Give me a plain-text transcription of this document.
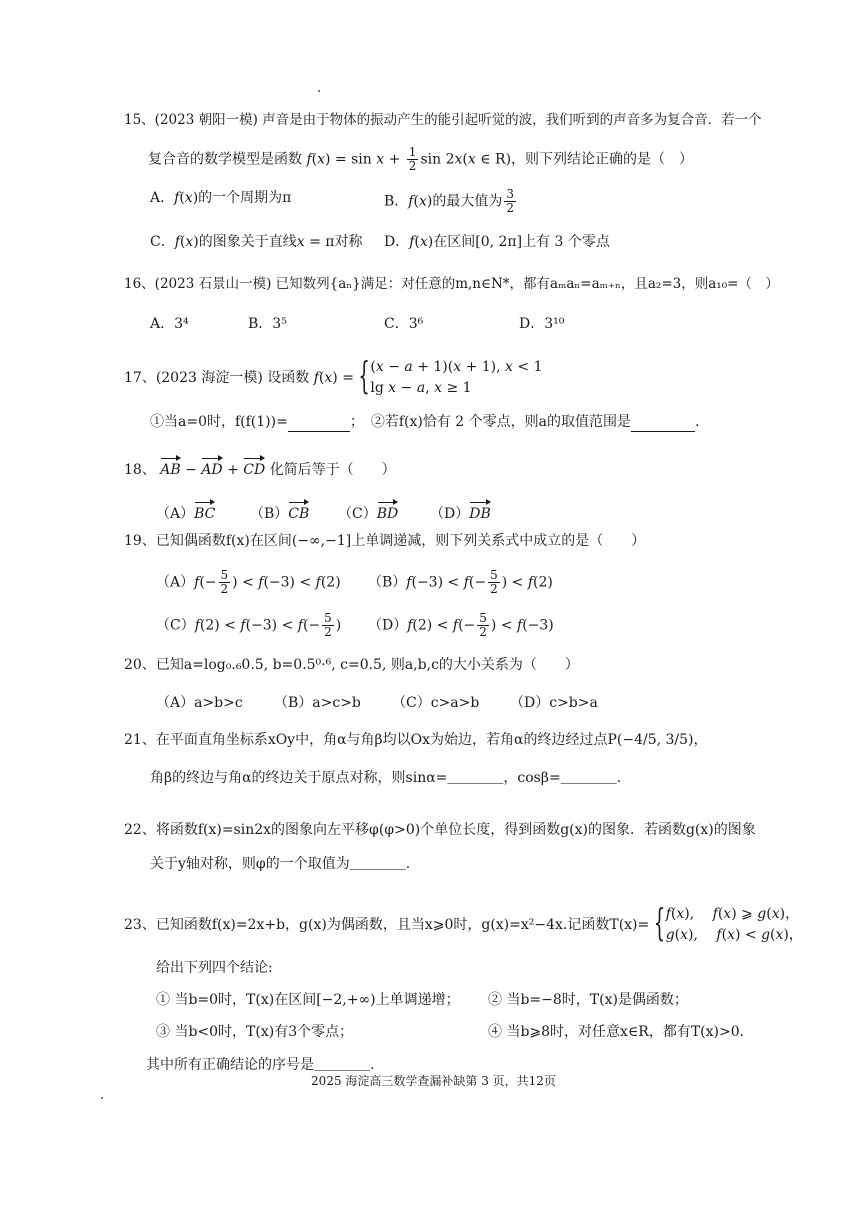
15、(2023 朝阳一模) 声音是由于物体的振动产生的能引起听觉的波，我们听到的声音多为复合音．若一个
复合音的数学模型是函数 $f(x) = \sin x + \frac{1}{2}$ sin 2x(x ∈ R)，则下列结论正确的是（　）
A．f(x)的一个周期为π	B．f(x)的最大值为 $\frac{3}{2}$
C．f(x)的图象关于直线x = π对称 D．f(x)在区间[0, 2π]上有 3 个零点
16、(2023 石景山一模) 已知数列{aₙ}满足：对任意的m,n∈N*，都有aₘaₙ=aₘ₊ₙ，且a₂=3，则a₁₀=（　）
A．3⁴	B．3⁵	C．3⁶	D．3¹⁰
17、(2023 海淀一模) 设函数 f(x) =
{ (x − a + 1)(x + 1), x < 1
lg x − a, x ≥ 1
①当a=0时，f(f(1))=	；　②若f(x)恰有 2 个零点，则a的取值范围是	.
18、 AB − AD + CD 化简后等于（　　）
（A）BC （B）CB （C）BD （D）DB
19、已知偶函数f(x)在区间(−∞,−1]上单调递减，则下列关系式中成立的是（　　）
$(A)f(- \frac{5}{2}$ ) < f(−3) < f(2) $(B)f(-3) < f(- \frac{5}{2}$ ) < f(2)
$(C)f(2) < f(-3) < f(- \frac{5}{2}$ ) $(D)f(2) < f(- \frac{5}{2}$ ) < f(−3)
20、已知a=log₀.₆0.5, b=0.5⁰·⁶, c=0.5, 则a,b,c的大小关系为（　　）
（A）a>b>c （B）a>c>b （C）c>a>b （D）c>b>a
21、在平面直角坐标系xOy中，角α与角β均以Ox为始边，若角α的终边经过点P(−4/5, 3/5)，
角β的终边与角α的终边关于原点对称，则sinα=＿＿＿＿，cosβ=＿＿＿＿.
22、将函数f(x)=sin2x的图象向左平移φ(φ>0)个单位长度，得到函数g(x)的图象．若函数g(x)的图象
关于y轴对称，则φ的一个取值为＿＿＿＿.
23、已知函数f(x)=2x+b，g(x)为偶函数，且当x⩾0时，g(x)=x²−4x.记函数T(x)=
{ f(x),　 f(x) ⩾ g(x)，
g(x),　 f(x) < g(x)，
给出下列四个结论:
① 当b=0时，T(x)在区间[−2,+∞)上单调递增； ② 当b=−8时，T(x)是偶函数；
③ 当b<0时，T(x)有3个零点；	④ 当b⩾8时，对任意x∈R，都有T(x)>0．
其中所有正确结论的序号是＿＿＿＿.
2025 海淀高三数学查漏补缺第 3 页，共12页
